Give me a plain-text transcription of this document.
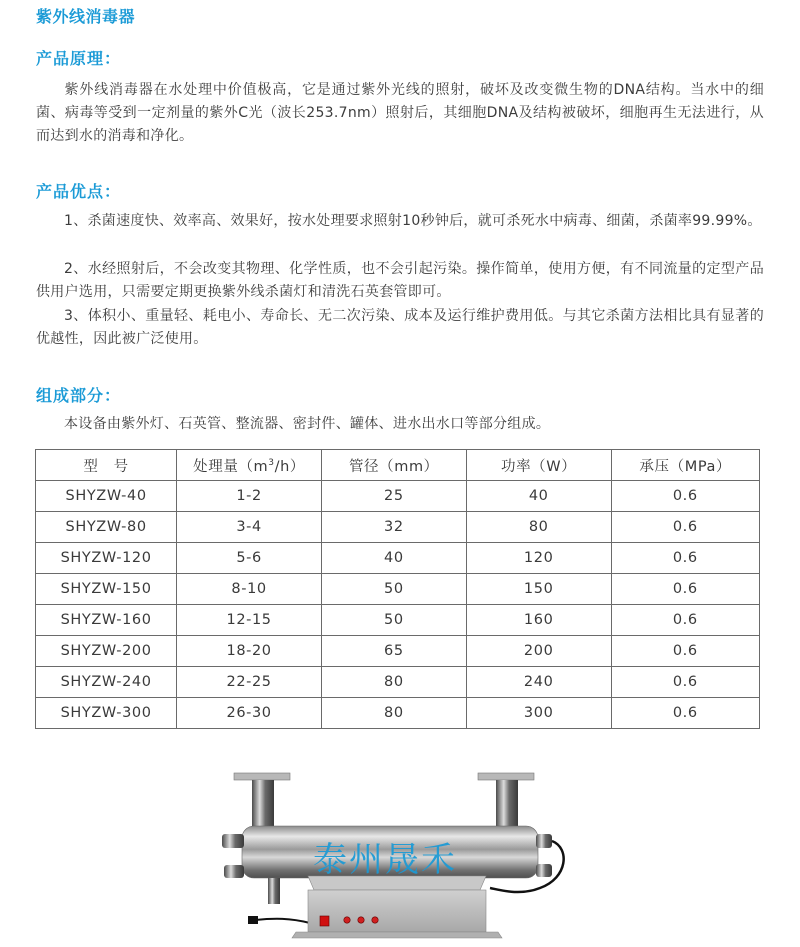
紫外线消毒器
产品原理：
紫外线消毒器在水处理中价值极高，它是通过紫外光线的照射，破坏及改变微生物的DNA结构。当水中的细菌、病毒等受到一定剂量的紫外C光（波长253.7nm）照射后，其细胞DNA及结构被破坏，细胞再生无法进行，从而达到水的消毒和净化。
产品优点：
1、杀菌速度快、效率高、效果好，按水处理要求照射10秒钟后，就可杀死水中病毒、细菌，杀菌率99.99%。
2、水经照射后，不会改变其物理、化学性质，也不会引起污染。操作简单，使用方便，有不同流量的定型产品供用户选用，只需要定期更换紫外线杀菌灯和清洗石英套管即可。
3、体积小、重量轻、耗电小、寿命长、无二次污染、成本及运行维护费用低。与其它杀菌方法相比具有显著的优越性，因此被广泛使用。
组成部分：
本设备由紫外灯、石英管、整流器、密封件、罐体、进水出水口等部分组成。
型　号	处理量$(m^3/h)$	管径（mm）	功率（W）	承压（MPa）
SHYZW-40	1-2	25	40	0.6
SHYZW-80	3-4	32	80	0.6
SHYZW-120	5-6	40	120	0.6
SHYZW-150	8-10	50	150	0.6
SHYZW-160	12-15	50	160	0.6
SHYZW-200	18-20	65	200	0.6
SHYZW-240	22-25	80	240	0.6
SHYZW-300	26-30	80	300	0.6
泰州晟禾
